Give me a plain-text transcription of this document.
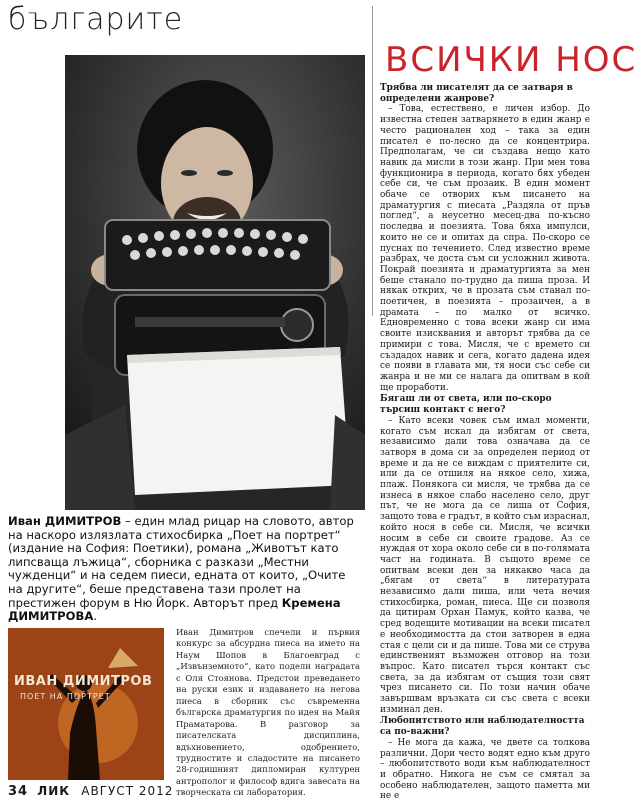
българите
ВСИЧКИ НОС
Иван ДИМИТРОВ – един млад рицар на словото, автор на наскоро излязлата стихосбирка „Поет на портрет“ (издание на София: Поетики), романа „Животът като липсваща лъжица“, сборника с разкази „Местни чужденци“ и на седем пиеси, едната от които, „Очите на другите“, беше представена тази пролет на престижен форум в Ню Йорк. Авторът пред Кремена ДИМИТРОВА.
ИВАН ДИМИТРОВ
ПОЕТ НА ПОРТРЕТ
Иван Димитров спечели и първия конкурс за абсурдна пиеса на името на Наум Шопов в Благоевград с „Извънземното“, като подели наградата с Оля Стоянова. Предстои преведането на руски език и издаването на негова пиеса в сборник със съвременна българска драматургия по идея на Майя Праматарова. В разговор за писателската дисциплина, вдъхновението, одобрението, трудностите и сладостите на писането 28-годишният дипломиран културен антрополог и философ вдига завесата на творческата си лаборатория.

Трябва ли писателят да се затваря в определени жанрове?

– Това, естествено, е личен избор. До известна степен затварянето в един жанр е често рационален ход – така за един писател е по-лесно да се концентрира. Предполагам, че си създава нещо като навик да мисли в този жанр. При мен това функционира в периода, когато бях убеден себе си, че съм прозаик. В един момент обаче се отворих към писането на драматургия с пиесата „Раздяла от пръв поглед“, а неусетно месец-два по-късно последва и поезията. Това бяха импулси, които не се и опитах да спра. По-скоро се пуснах по течението. След известно време разбрах, че доста съм си усложнил живота. Покрай поезията и драматургията за мен беше станало по-трудно да пиша проза. И някак открих, че в прозата съм станал по-поетичен, в поезията – прозаичен, а в драмата – по малко от всичко. Едновременно с това всеки жанр си има своите изисквания и авторът трябва да се примири с това. Мисля, че с времето си създадох навик и сега, когато дадена идея се появи в главата ми, тя носи със себе си жанра и не ми се налага да опитвам в кой ще проработи.

Бягаш ли от света, или по-скоро търсиш контакт с него?

– Като всеки човек съм имал моменти, когато съм искал да избягам от света, независимо дали това означава да се затворя в дома си за определен период от време и да не се виждам с приятелите си, или да се отшиля на някое село, хижа, плаж. Понякога си мисля, че трябва да се изнеса в някое слабо населено село, друг път, че не мога да се лиша от София, защото това е градът, в който съм израснал, който нося в себе си. Мисля, че всички носим в себе си своите градове. Аз се нуждая от хора около себе си в по-голямата част на годината. В същото време се опитвам всеки ден за някакво часа да „бягам от света“ в литературата независимо дали пиша, или чета нечия стихосбирка, роман, пиеса. Ще си позволя да цитирам Орхан Памук, който казва, че сред водещите мотивации на всеки писател е необходимостта да стои затворен в една стая с цели си и да пише. Това ми се струва единственият възможен отговор на този въпрос. Като писател търся контакт със света, за да избягам от същия този свят чрез писането си. По този начин обаче завършвам връзката си със света с всеки изминал ден.

Любопитството или наблюдателността са по-важни?

– Не мога да кажа, че двете са толкова различни. Дори често водят едно към друго – любопитството води към наблюдателност и обратно. Никога не съм се смятал за особено наблюдателен, защото паметта ми не е

34 ЛИК АВГУСТ 2012
